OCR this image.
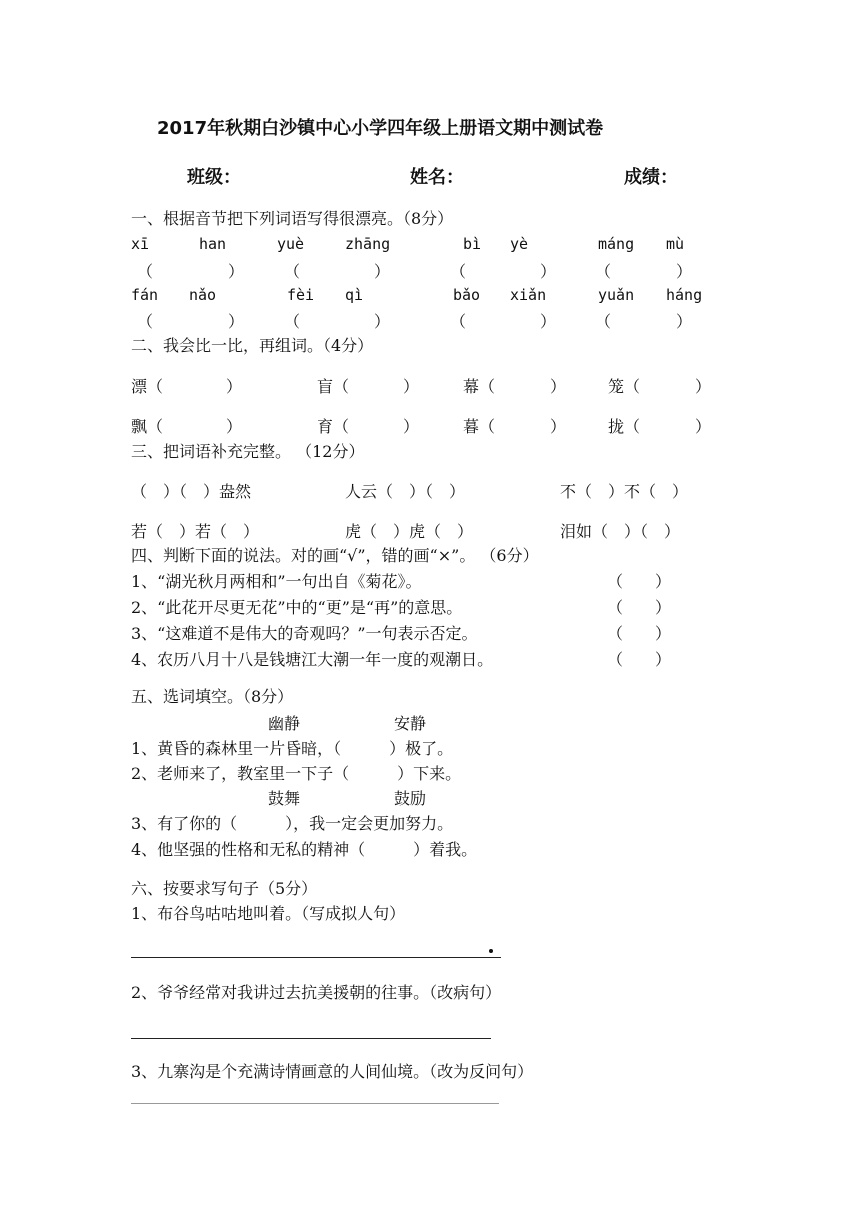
2017年秋期白沙镇中心小学四年级上册语文期中测试卷
班级：	姓名：	成绩：
一、根据音节把下列词语写得很漂亮。（8分）
xī	han	yuè	zhāng	bì yè	máng mù
（	） （	）	（	） （	）
fán nǎo	fèi qì	bǎo xiǎn	yuǎn háng
（	） （	）	（	） （	）
二、我会比一比，再组词。（4分）
漂（	）	盲（	）	幕（	）	笼（	）
飘（	）	育（	）	暮（	）	拢（	）
三、把词语补充完整。 （12分）
（　）（　）盎然	人云（　）（　）	不（　）不（　）
若（　）若（　）	虎（　）虎（　）	泪如（　）（　）
四、判断下面的说法。对的画“√”，错的画“×”。 （6分）
1、“湖光秋月两相和”一句出自《菊花》。	（　　）
2、“此花开尽更无花”中的“更”是“再”的意思。	（　　）
3、“这难道不是伟大的奇观吗？”一句表示否定。	（　　）
4、农历八月十八是钱塘江大潮一年一度的观潮日。	（　　）
五、选词填空。（8分）
幽静	安静
1、黄昏的森林里一片昏暗，（　　　）极了。
2、老师来了，教室里一下子（　　　）下来。
鼓舞	鼓励
3、有了你的（　　　），我一定会更加努力。
4、他坚强的性格和无私的精神（　　　）着我。
六、按要求写句子（5分）
1、布谷鸟咕咕地叫着。（写成拟人句）
2、爷爷经常对我讲过去抗美援朝的往事。（改病句）
3、九寨沟是个充满诗情画意的人间仙境。（改为反问句）
